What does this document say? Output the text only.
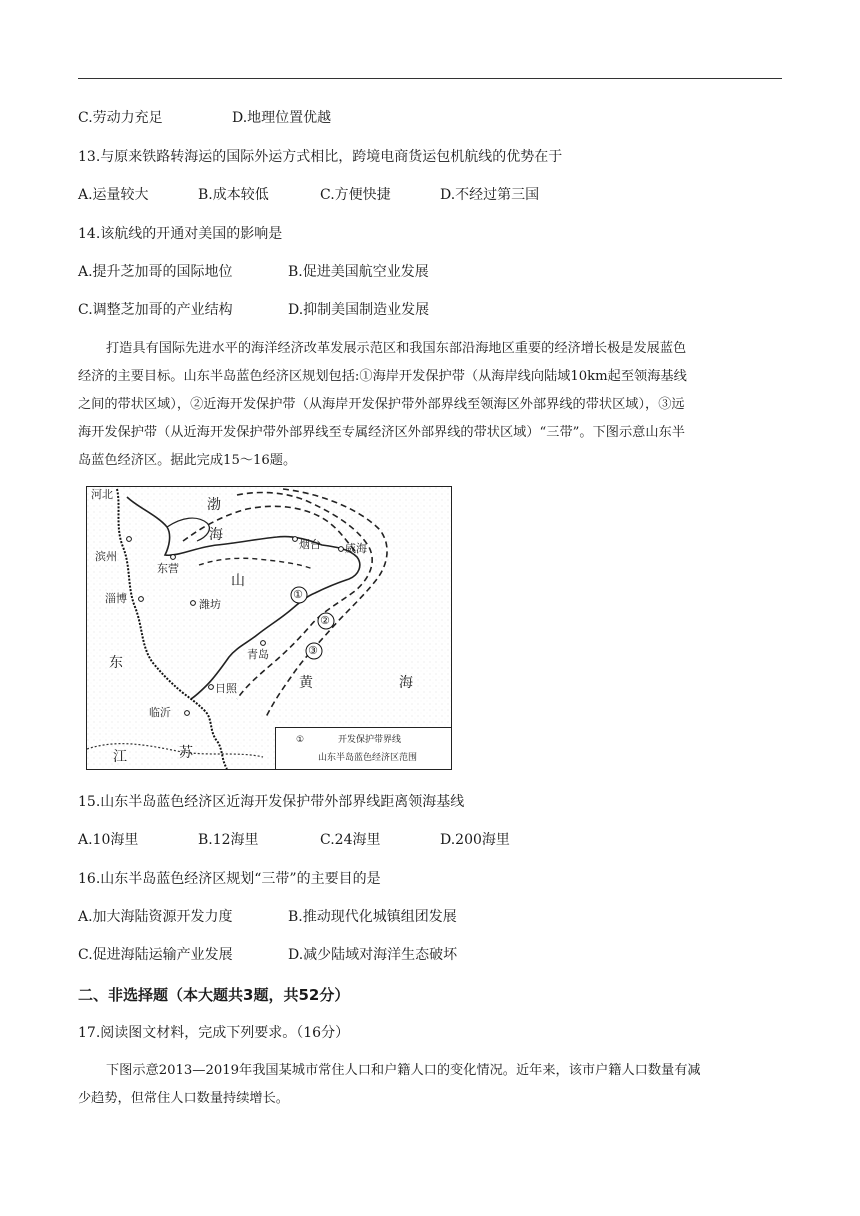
C.劳动力充足	D.地理位置优越
13.与原来铁路转海运的国际外运方式相比，跨境电商货运包机航线的优势在于
A.运量较大	B.成本较低	C.方便快捷	D.不经过第三国
14.该航线的开通对美国的影响是
A.提升芝加哥的国际地位	B.促进美国航空业发展
C.调整芝加哥的产业结构	D.抑制美国制造业发展
打造具有国际先进水平的海洋经济改革发展示范区和我国东部沿海地区重要的经济增长极是发展蓝色
经济的主要目标。山东半岛蓝色经济区规划包括:①海岸开发保护带（从海岸线向陆域10km起至领海基线
之间的带状区域），②近海开发保护带（从海岸开发保护带外部界线至领海区外部界线的带状区域），③远
海开发保护带（从近海开发保护带外部界线至专属经济区外部界线的带状区域）“三带”。下图示意山东半
岛蓝色经济区。据此完成15～16题。
河北
渤
海
烟台 威海
滨州
东营
山
淄博	潍坊
东
青岛
日照
临沂
黄	海
江	苏
①
②
③
①	开发保护带界线
山东半岛蓝色经济区范围
15.山东半岛蓝色经济区近海开发保护带外部界线距离领海基线
A.10海里	B.12海里	C.24海里	D.200海里
16.山东半岛蓝色经济区规划“三带”的主要目的是
A.加大海陆资源开发力度	B.推动现代化城镇组团发展
C.促进海陆运输产业发展	D.减少陆域对海洋生态破坏
二、非选择题（本大题共3题，共52分）
17.阅读图文材料，完成下列要求。（16分）
下图示意2013—2019年我国某城市常住人口和户籍人口的变化情况。近年来，该市户籍人口数量有减
少趋势，但常住人口数量持续增长。
